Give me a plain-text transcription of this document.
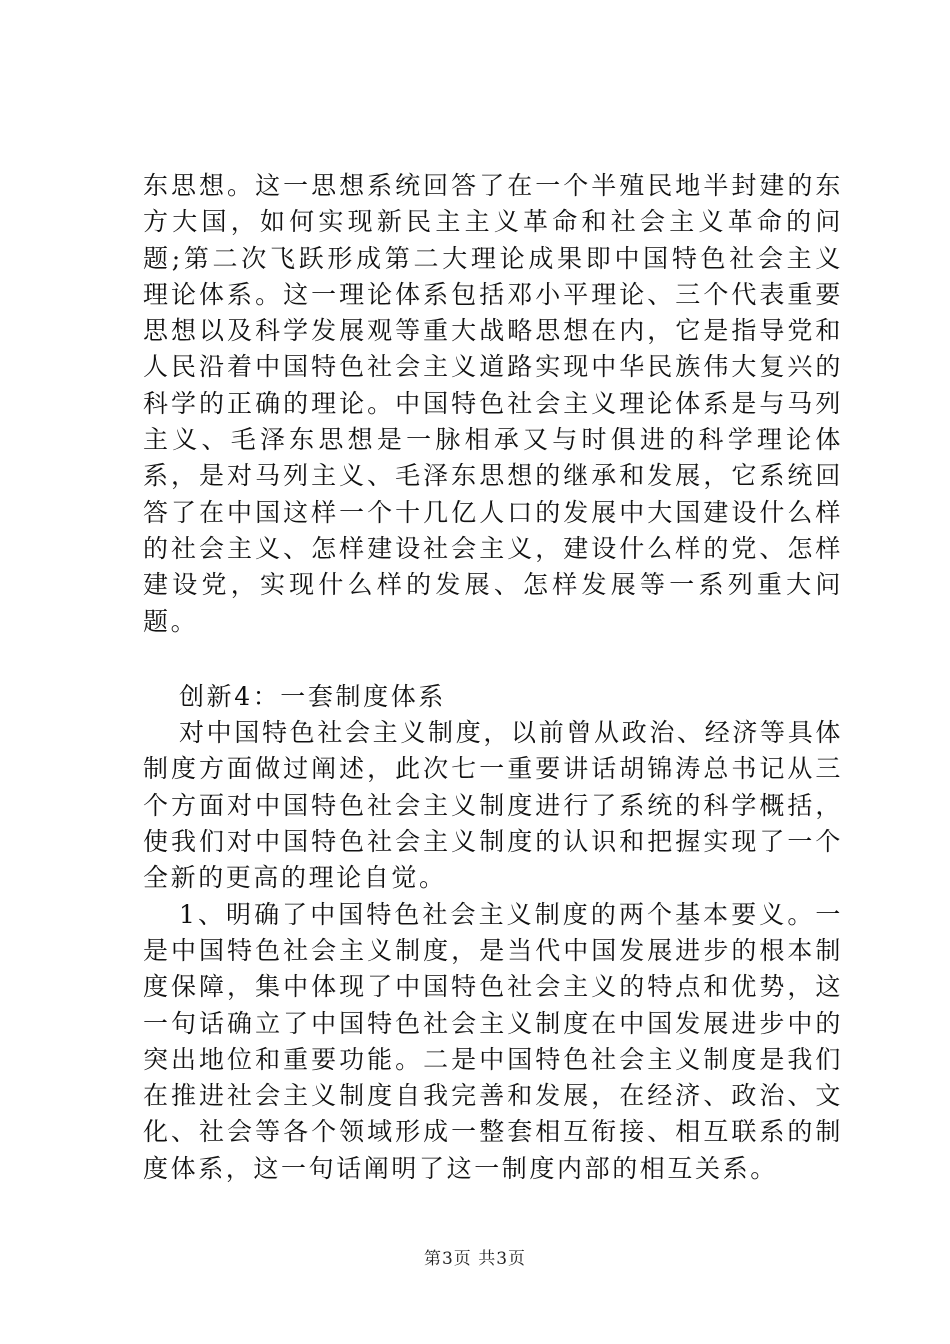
东思想。这一思想系统回答了在一个半殖民地半封建的东方大国，如何实现新民主主义革命和社会主义革命的问题;第二次飞跃形成第二大理论成果即中国特色社会主义理论体系。这一理论体系包括邓小平理论、三个代表重要思想以及科学发展观等重大战略思想在内，它是指导党和人民沿着中国特色社会主义道路实现中华民族伟大复兴的科学的正确的理论。中国特色社会主义理论体系是与马列主义、毛泽东思想是一脉相承又与时俱进的科学理论体系，是对马列主义、毛泽东思想的继承和发展，它系统回答了在中国这样一个十几亿人口的发展中大国建设什么样的社会主义、怎样建设社会主义，建设什么样的党、怎样建设党，实现什么样的发展、怎样发展等一系列重大问题。

创新4：一套制度体系

对中国特色社会主义制度，以前曾从政治、经济等具体制度方面做过阐述，此次七一重要讲话胡锦涛总书记从三个方面对中国特色社会主义制度进行了系统的科学概括，使我们对中国特色社会主义制度的认识和把握实现了一个全新的更高的理论自觉。

1、明确了中国特色社会主义制度的两个基本要义。一是中国特色社会主义制度，是当代中国发展进步的根本制度保障，集中体现了中国特色社会主义的特点和优势，这一句话确立了中国特色社会主义制度在中国发展进步中的突出地位和重要功能。二是中国特色社会主义制度是我们在推进社会主义制度自我完善和发展，在经济、政治、文化、社会等各个领域形成一整套相互衔接、相互联系的制度体系，这一句话阐明了这一制度内部的相互关系。

第3页 共3页
